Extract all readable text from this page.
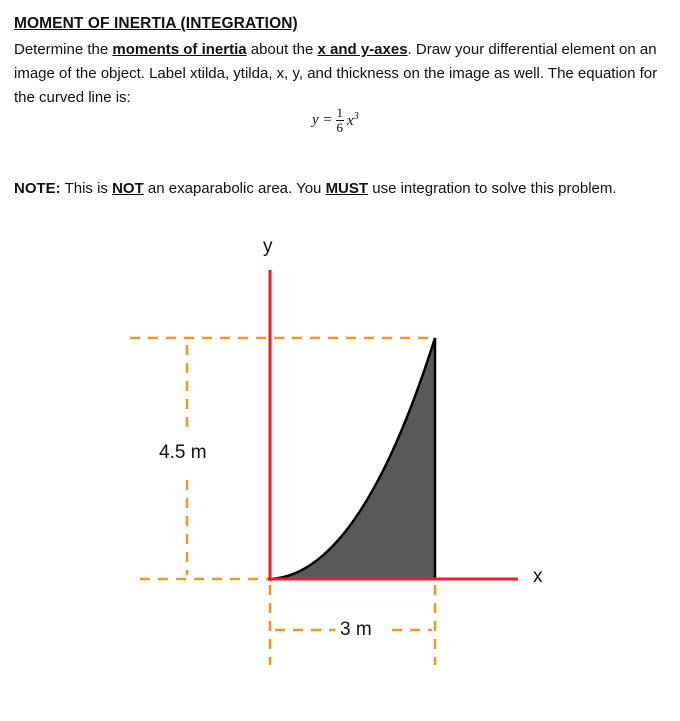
MOMENT OF INERTIA (INTEGRATION)
Determine the moments of inertia about the x and y-axes. Draw your differential element on an image of the object. Label xtilda, ytilda, x, y, and thickness on the image as well. The equation for the curved line is:
$y = \frac{1}{6} x^3$
NOTE: This is NOT an exaparabolic area. You MUST use integration to solve this problem.
y
x
4.5 m
3 m
